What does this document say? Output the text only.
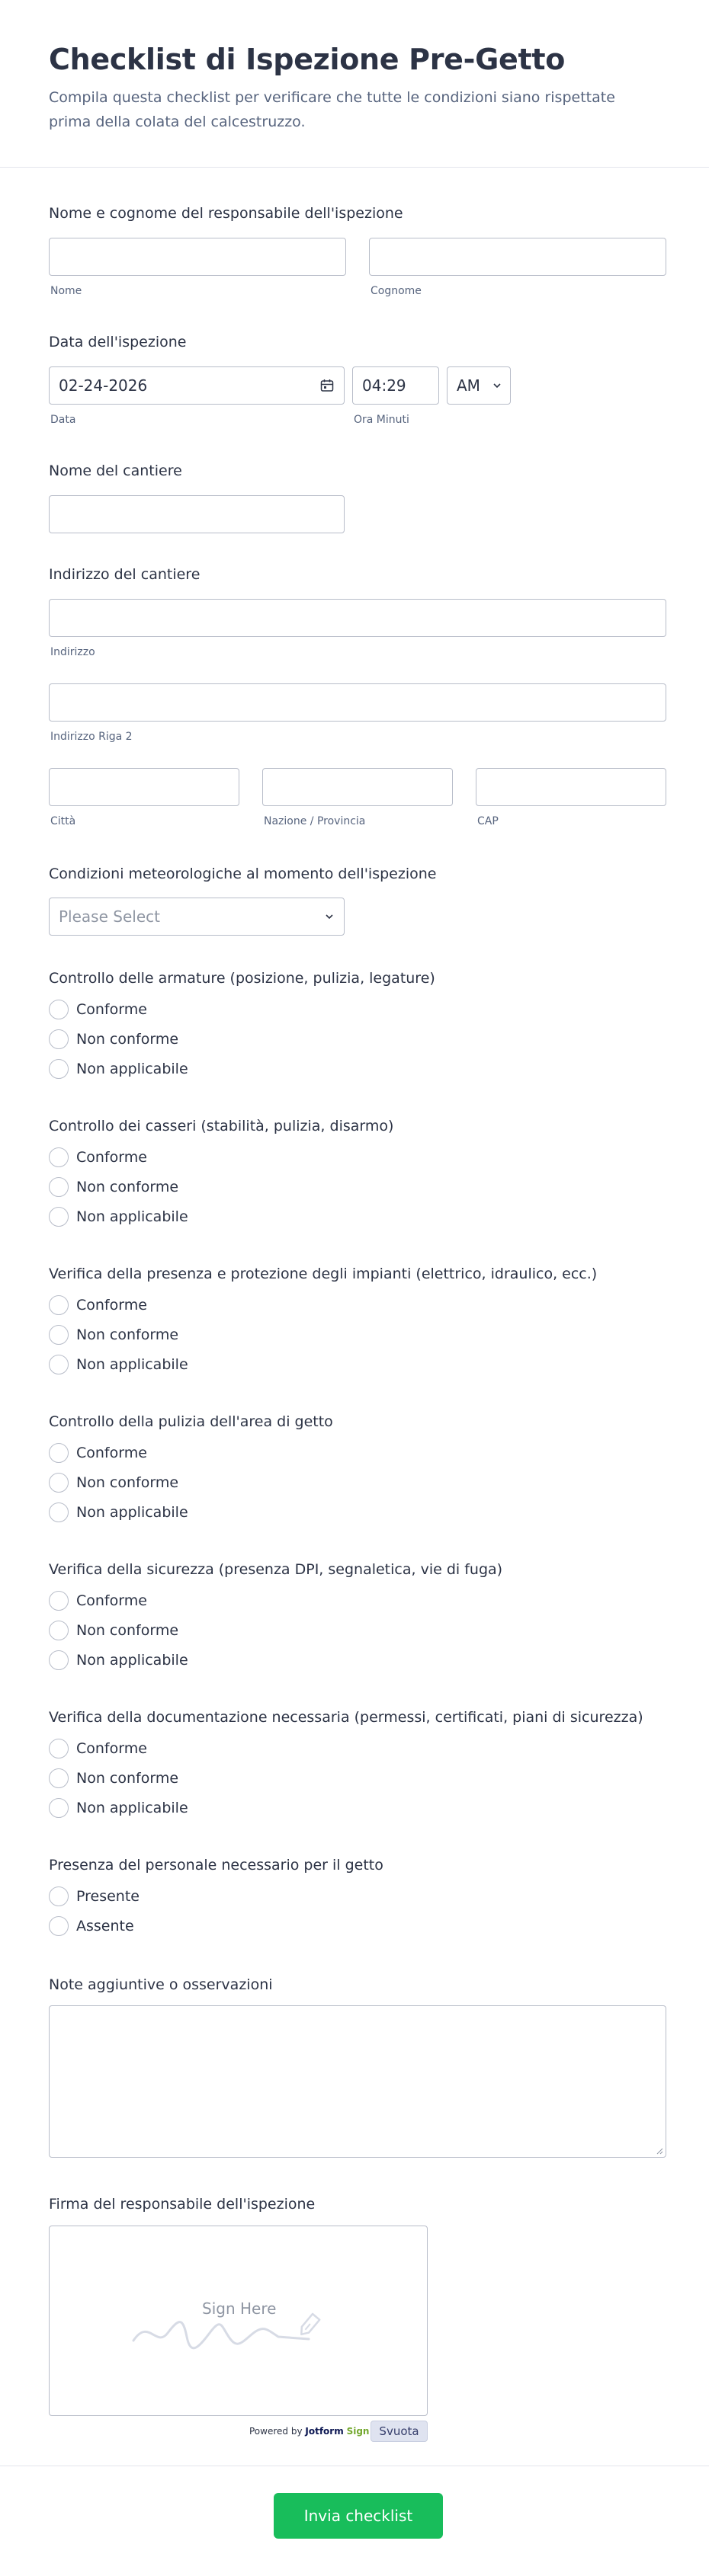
Checklist di Ispezione Pre-Getto

Compila questa checklist per verificare che tutte le condizioni siano rispettate prima della colata del calcestruzzo.

Nome e cognome del responsabile dell'ispezione
Nome	Cognome
Data dell'ispezione
02-24-2026
Data
04:29
Ora Minuti
AM
Nome del cantiere
Indirizzo del cantiere
Indirizzo
Indirizzo Riga 2
Città	Nazione / Provincia	CAP
Condizioni meteorologiche al momento dell'ispezione
Please Select
Controllo delle armature (posizione, pulizia, legature)
Conforme
Non conforme
Non applicabile
Controllo dei casseri (stabilità, pulizia, disarmo)
Conforme
Non conforme
Non applicabile
Verifica della presenza e protezione degli impianti (elettrico, idraulico, ecc.)
Conforme
Non conforme
Non applicabile
Controllo della pulizia dell'area di getto
Conforme
Non conforme
Non applicabile
Verifica della sicurezza (presenza DPI, segnaletica, vie di fuga)
Conforme
Non conforme
Non applicabile
Verifica della documentazione necessaria (permessi, certificati, piani di sicurezza)
Conforme
Non conforme
Non applicabile
Presenza del personale necessario per il getto
Presente
Assente
Note aggiuntive o osservazioni
Firma del responsabile dell'ispezione
Sign Here
Powered by Jotform Sign Svuota
Invia checklist
